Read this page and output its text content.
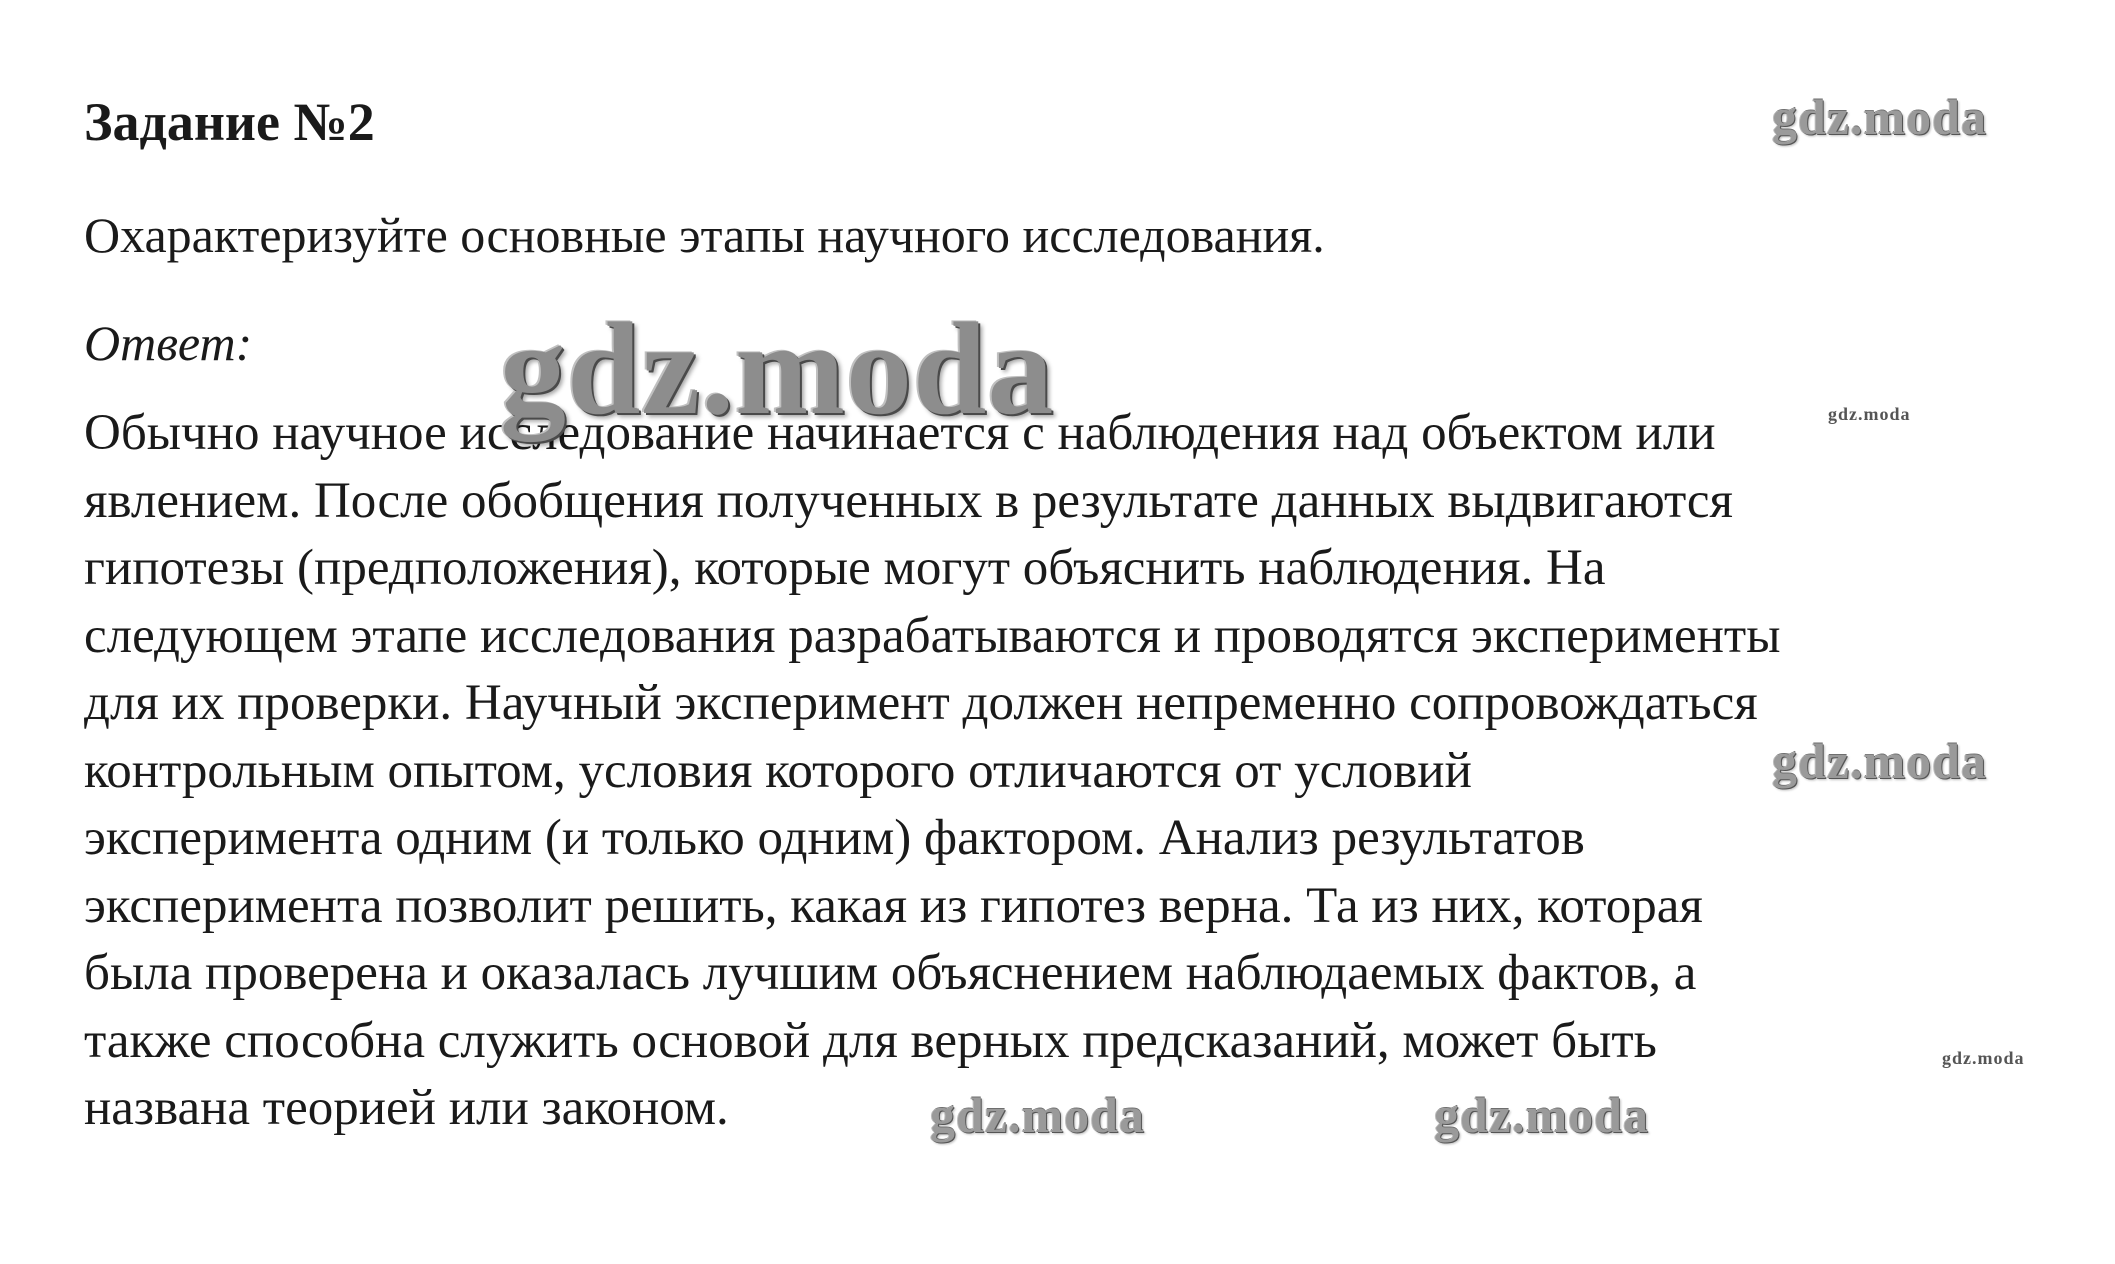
Задание №2
Охарактеризуйте основные этапы научного исследования.
Ответ:
Обычно научное исследование начинается с наблюдения над объектом или
явлением. После обобщения полученных в результате данных выдвигаются
гипотезы (предположения), которые могут объяснить наблюдения. На
следующем этапе исследования разрабатываются и проводятся эксперименты
для их проверки. Научный эксперимент должен непременно сопровождаться
контрольным опытом, условия которого отличаются от условий
эксперимента одним (и только одним) фактором. Анализ результатов
эксперимента позволит решить, какая из гипотез верна. Та из них, которая
была проверена и оказалась лучшим объяснением наблюдаемых фактов, а
также способна служить основой для верных предсказаний, может быть
названа теорией или законом.
gdz.moda
gdz.moda	gdz.moda
gdz.moda
gdz.moda
gdz.moda	gdz.moda
